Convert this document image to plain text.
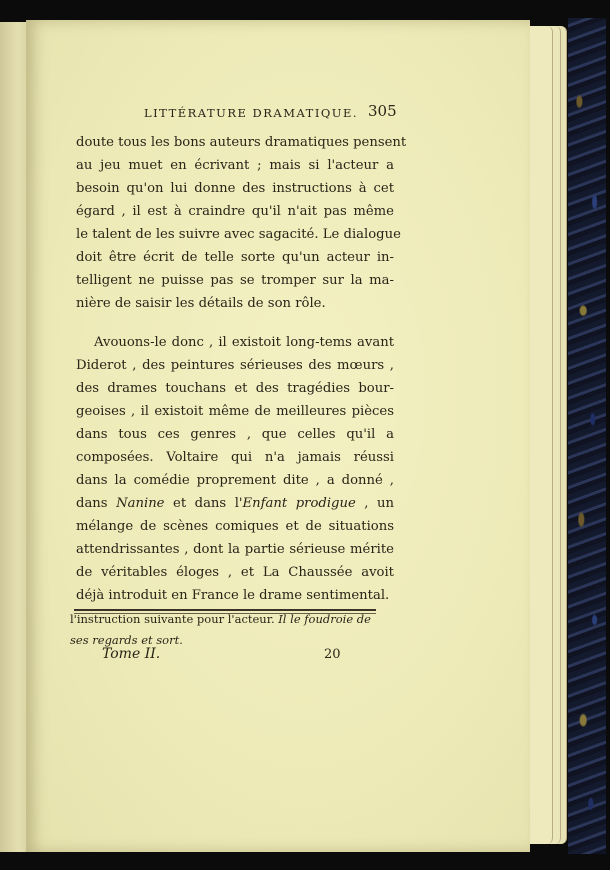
LITTÉRATURE DRAMATIQUE. 305
doute tous les bons auteurs dramatiques pensent
au jeu muet en écrivant ; mais si l'acteur a
besoin qu'on lui donne des instructions à cet
égard , il est à craindre qu'il n'ait pas même
le talent de les suivre avec sagacité. Le dialogue
doit être écrit de telle sorte qu'un acteur in-
telligent ne puisse pas se tromper sur la ma-
nière de saisir les détails de son rôle.
Avouons-le donc , il existoit long-tems avant
Diderot , des peintures sérieuses des mœurs ,
des drames touchans et des tragédies bour-
geoises , il existoit même de meilleures pièces
dans tous ces genres , que celles qu'il a
composées. Voltaire qui n'a jamais réussi
dans la comédie proprement dite , a donné ,
dans Nanine et dans l'Enfant prodigue , un
mélange de scènes comiques et de situations
attendrissantes , dont la partie sérieuse mérite
de véritables éloges , et La Chaussée avoit
déjà introduit en France le drame sentimental.
l'instruction suivante pour l'acteur. Il le foudroie de
ses regards et sort.
Tome II.	20
